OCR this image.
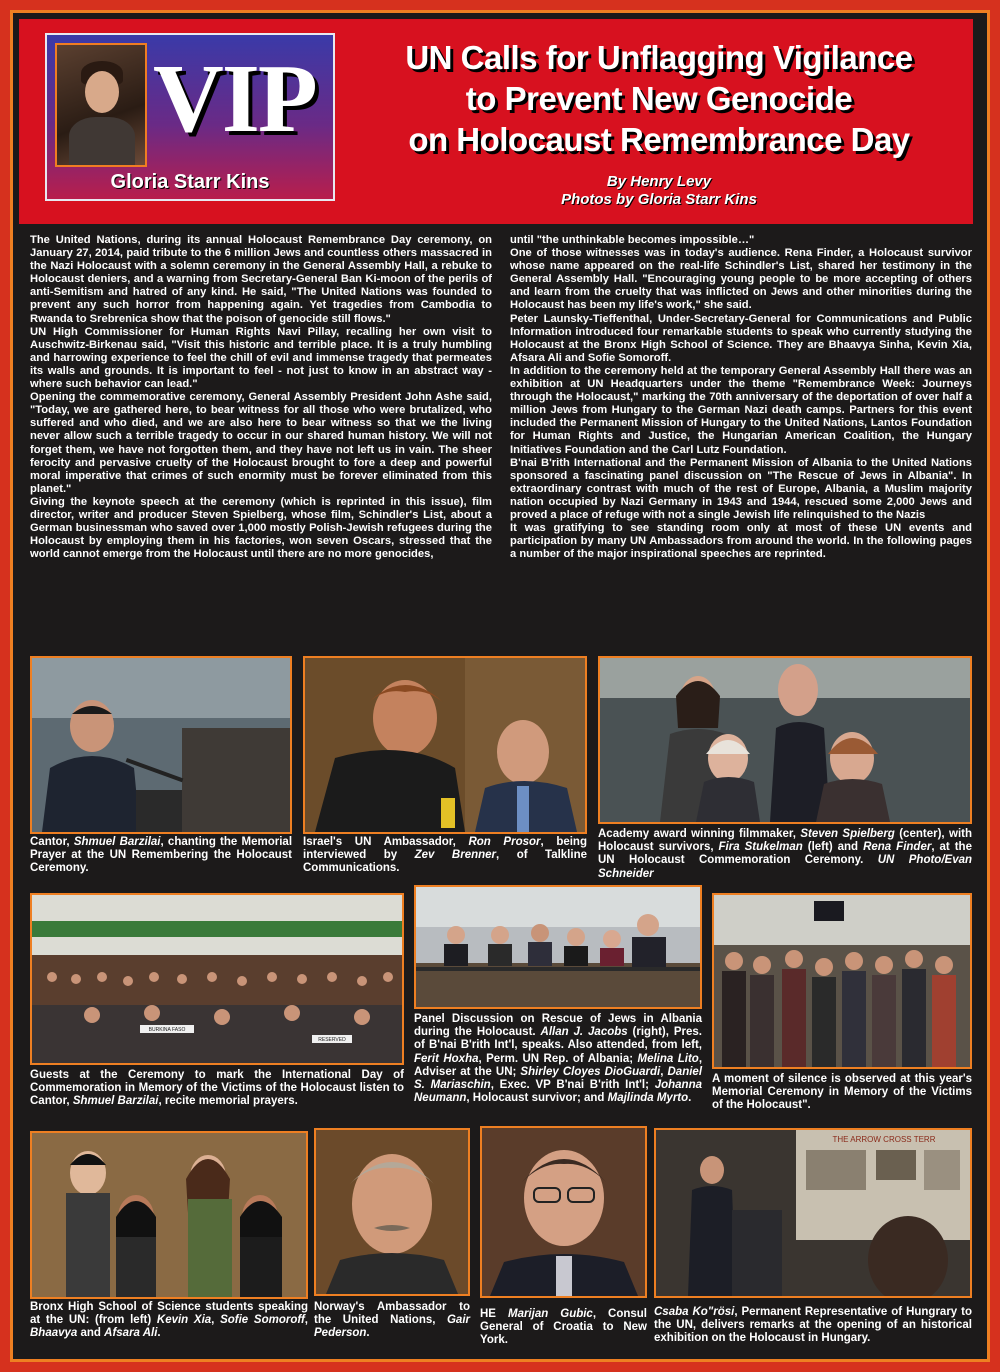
VIP
Gloria Starr Kins
UN Calls for Unflagging Vigilance
to Prevent New Genocide
on Holocaust Remembrance Day
By Henry Levy
Photos by Gloria Starr Kins

The United Nations, during its annual Holocaust Remembrance Day ceremony, on January 27, 2014, paid tribute to the 6 million Jews and countless others massacred in the Nazi Holocaust with a solemn ceremony in the General Assembly Hall, a rebuke to Holocaust deniers, and a warning from Secretary-General Ban Ki-moon of the perils of anti-Semitism and hatred of any kind. He said, "The United Nations was founded to prevent any such horror from happening again. Yet tragedies from Cambodia to Rwanda to Srebrenica show that the poison of genocide still flows."

UN High Commissioner for Human Rights Navi Pillay, recalling her own visit to Auschwitz-Birkenau said, "Visit this historic and terrible place. It is a truly humbling and harrowing experience to feel the chill of evil and immense tragedy that permeates its walls and grounds. It is important to feel - not just to know in an abstract way - where such behavior can lead."

Opening the commemorative ceremony, General Assembly President John Ashe said, "Today, we are gathered here, to bear witness for all those who were brutalized, who suffered and who died, and we are also here to bear witness so that we the living never allow such a terrible tragedy to occur in our shared human history. We will not forget them, we have not forgotten them, and they have not left us in vain. The sheer ferocity and pervasive cruelty of the Holocaust brought to fore a deep and powerful moral imperative that crimes of such enormity must be forever eliminated from this planet."

Giving the keynote speech at the ceremony (which is reprinted in this issue), film director, writer and producer Steven Spielberg, whose film, Schindler's List, about a German businessman who saved over 1,000 mostly Polish-Jewish refugees during the Holocaust by employing them in his factories, won seven Oscars, stressed that the world cannot emerge from the Holocaust until there are no more genocides,

until "the unthinkable becomes impossible…"

One of those witnesses was in today's audience. Rena Finder, a Holocaust survivor whose name appeared on the real-life Schindler's List, shared her testimony in the General Assembly Hall. "Encouraging young people to be more accepting of others and learn from the cruelty that was inflicted on Jews and other minorities during the Holocaust has been my life's work," she said.

Peter Launsky-Tieffenthal, Under-Secretary-General for Communications and Public Information introduced four remarkable students to speak who currently studying the Holocaust at the Bronx High School of Science. They are Bhaavya Sinha, Kevin Xia, Afsara Ali and Sofie Somoroff.

In addition to the ceremony held at the temporary General Assembly Hall there was an exhibition at UN Headquarters under the theme "Remembrance Week: Journeys through the Holocaust," marking the 70th anniversary of the deportation of over half a million Jews from Hungary to the German Nazi death camps. Partners for this event included the Permanent Mission of Hungary to the United Nations, Lantos Foundation for Human Rights and Justice, the Hungarian American Coalition, the Hungary Initiatives Foundation and the Carl Lutz Foundation.

B'nai B'rith International and the Permanent Mission of Albania to the United Nations sponsored a fascinating panel discussion on "The Rescue of Jews in Albania". In extraordinary contrast with much of the rest of Europe, Albania, a Muslim majority nation occupied by Nazi Germany in 1943 and 1944, rescued some 2,000 Jews and proved a place of refuge with not a single Jewish life relinquished to the Nazis

It was gratifying to see standing room only at most of these UN events and participation by many UN Ambassadors from around the world. In the following pages a number of the major inspirational speeches are reprinted.

Cantor, Shmuel Barzilai, chanting the Memorial Prayer at the UN Remembering the Holocaust Ceremony.
Israel's UN Ambassador, Ron Prosor, being interviewed by Zev Brenner, of Talkline Communications.
Academy award winning filmmaker, Steven Spielberg (center), with Holocaust survivors, Fira Stukelman (left) and Rena Finder, at the UN Holocaust Commemoration Ceremony. UN Photo/Evan Schneider
BURKINA FASO
RESERVED
Guests at the Ceremony to mark the International Day of Commemoration in Memory of the Victims of the Holocaust listen to Cantor, Shmuel Barzilai, recite memorial prayers.
Panel Discussion on Rescue of Jews in Albania during the Holocaust. Allan J. Jacobs (right), Pres. of B'nai B'rith Int'l, speaks. Also attended, from left, Ferit Hoxha, Perm. UN Rep. of Albania; Melina Lito, Adviser at the UN; Shirley Cloyes DioGuardi, Daniel S. Mariaschin, Exec. VP B'nai B'rith Int'l; Johanna Neumann, Holocaust survivor; and Majlinda Myrto.
A moment of silence is observed at this year's Memorial Ceremony in Memory of the Victims of the Holocaust".
THE ARROW CROSS TERR
Bronx High School of Science students speaking at the UN: (from left) Kevin Xia, Sofie Somoroff, Bhaavya and Afsara Ali.
Norway's Ambassador to the United Nations, Gair Pederson.
HE Marijan Gubic, Consul General of Croatia to New York.
Csaba Ko"rösi, Permanent Representative of Hungrary to the UN, delivers remarks at the opening of an historical exhibition on the Holocaust in Hungary.
